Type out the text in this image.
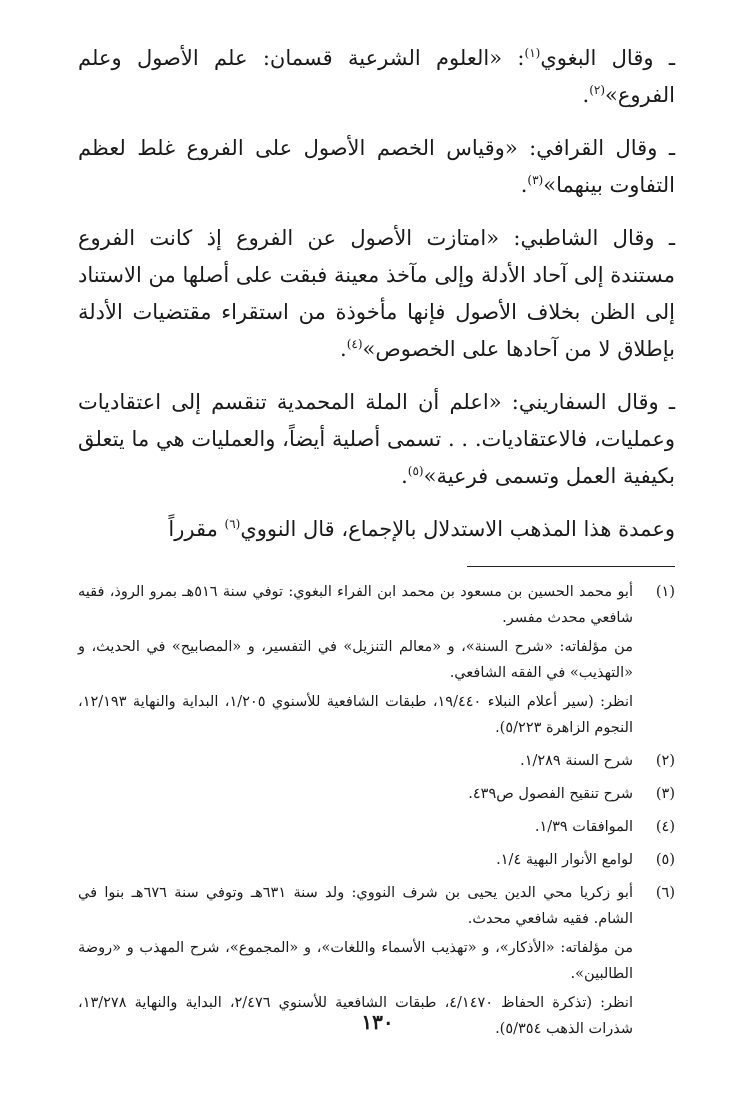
ـ وقال البغوي$^{(١)}$: «العلوم الشرعية قسمان: علم الأصول وعلم الفروع»$^{(٢)}$.

ـ وقال القرافي: «وقياس الخصم الأصول على الفروع غلط لعظم التفاوت بينهما»$^{(٣)}$.

ـ وقال الشاطبي: «امتازت الأصول عن الفروع إذ كانت الفروع مستندة إلى آحاد الأدلة وإلى مآخذ معينة فبقت على أصلها من الاستناد إلى الظن بخلاف الأصول فإنها مأخوذة من استقراء مقتضيات الأدلة بإطلاق لا من آحادها على الخصوص»$^{(٤)}$.

ـ وقال السفاريني: «اعلم أن الملة المحمدية تنقسم إلى اعتقاديات وعمليات، فالاعتقاديات. . . تسمى أصلية أيضاً، والعمليات هي ما يتعلق بكيفية العمل وتسمى فرعية»$^{(٥)}$.

وعمدة هذا المذهب الاستدلال بالإجماع، قال النووي$^{(٦)}$ مقرراً

(١)
أبو محمد الحسين بن مسعود بن محمد ابن الفراء البغوي: توفي سنة ٥١٦هـ بمرو الروذ، فقيه شافعي محدث مفسر.
من مؤلفاته: «شرح السنة»، و «معالم التنزيل» في التفسير، و «المصابيح» في الحديث، و «التهذيب» في الفقه الشافعي.
انظر: (سير أعلام النبلاء ١٩/٤٤٠، طبقات الشافعية للأسنوي ١/٢٠٥، البداية والنهاية ١٢/١٩٣، النجوم الزاهرة ٥/٢٢٣).
(٢)
شرح السنة ١/٢٨٩.
(٣)
شرح تنقيح الفصول ص٤٣٩.
(٤)
الموافقات ١/٣٩.
(٥)
لوامع الأنوار البهية ١/٤.
(٦)
أبو زكريا محي الدين يحيى بن شرف النووي: ولد سنة ٦٣١هـ وتوفي سنة ٦٧٦هـ بنوا في الشام. فقيه شافعي محدث.
من مؤلفاته: «الأذكار»، و «تهذيب الأسماء واللغات»، و «المجموع»، شرح المهذب و «روضة الطالبين».
انظر: (تذكرة الحفاظ ٤/١٤٧٠، طبقات الشافعية للأسنوي ٢/٤٧٦، البداية والنهاية ١٣/٢٧٨، شذرات الذهب ٥/٣٥٤).
١٣٠
